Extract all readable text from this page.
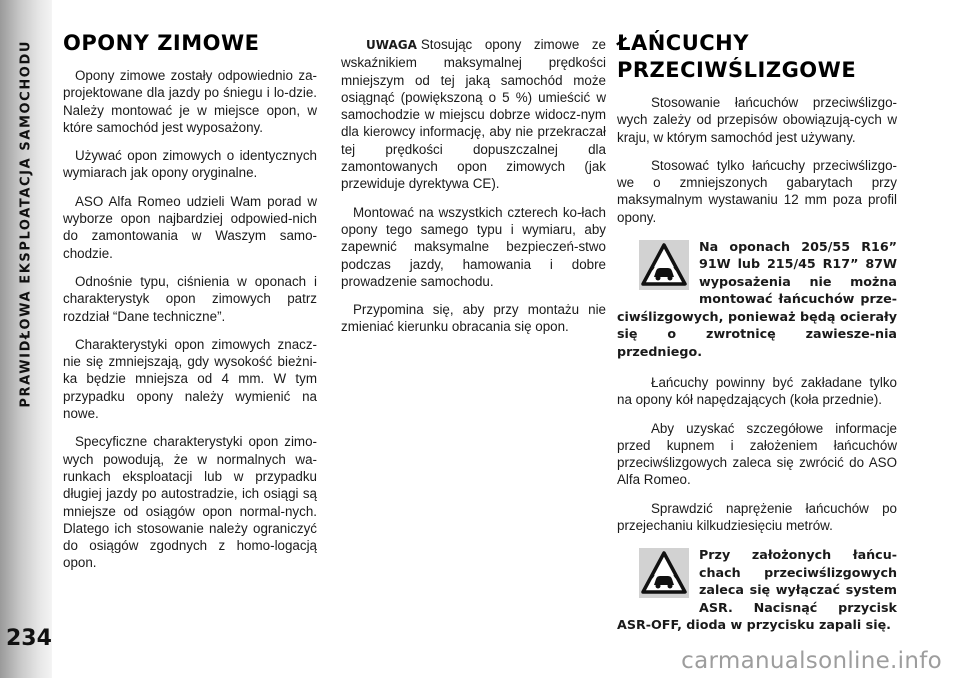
PRAWIDŁOWA EKSPLOATACJA SAMOCHODU
234
OPONY ZIMOWE

Opony zimowe zostały odpowiednio za-projektowane dla jazdy po śniegu i lo-dzie. Należy montować je w miejsce opon, w które samochód jest wyposażony.

Używać opon zimowych o identycznych wymiarach jak opony oryginalne.

ASO Alfa Romeo udzieli Wam porad w wyborze opon najbardziej odpowied-nich do zamontowania w Waszym samo-chodzie.

Odnośnie typu, ciśnienia w oponach i charakterystyk opon zimowych patrz rozdział “Dane techniczne”.

Charakterystyki opon zimowych znacz-nie się zmniejszają, gdy wysokość bieżni-ka będzie mniejsza od 4 mm. W tym przypadku opony należy wymienić na nowe.

Specyficzne charakterystyki opon zimo-wych powodują, że w normalnych wa-runkach eksploatacji lub w przypadku długiej jazdy po autostradzie, ich osiągi są mniejsze od osiągów opon normal-nych. Dlatego ich stosowanie należy ograniczyć do osiągów zgodnych z homo-logacją opon.

UWAGA Stosując opony zimowe ze wskaźnikiem maksymalnej prędkości mniejszym od tej jaką samochód może osiągnąć (powiększoną o 5 %) umieścić w samochodzie w miejscu dobrze widocz-nym dla kierowcy informację, aby nie przekraczał tej prędkości dopuszczalnej dla zamontowanych opon zimowych (jak przewiduje dyrektywa CE).

Montować na wszystkich czterech ko-łach opony tego samego typu i wymiaru, aby zapewnić maksymalne bezpieczeń-stwo podczas jazdy, hamowania i dobre prowadzenie samochodu.

Przypomina się, aby przy montażu nie zmieniać kierunku obracania się opon.

ŁAŃCUCHY
PRZECIWŚLIZGOWE

Stosowanie łańcuchów przeciwślizgo-wych zależy od przepisów obowiązują-cych w kraju, w którym samochód jest używany.

Stosować tylko łańcuchy przeciwślizgo-we o zmniejszonych gabarytach przy maksymalnym wystawaniu 12 mm poza profil opony.

Na oponach 205/55 R16” 91W lub 215/45 R17” 87W wyposażenia nie można montować łańcuchów prze-ciwślizgowych, ponieważ będą ocierały się o zwrotnicę zawiesze-nia przedniego.

Łańcuchy powinny być zakładane tylko na opony kół napędzających (koła przednie).

Aby uzyskać szczegółowe informacje przed kupnem i założeniem łańcuchów przeciwślizgowych zaleca się zwrócić do ASO Alfa Romeo.

Sprawdzić naprężenie łańcuchów po przejechaniu kilkudziesięciu metrów.

Przy założonych łańcu-chach przeciwślizgowych zaleca się wyłączać system ASR. Nacisnąć przycisk ASR-OFF, dioda w przycisku zapali się.
carmanualsonline.info
